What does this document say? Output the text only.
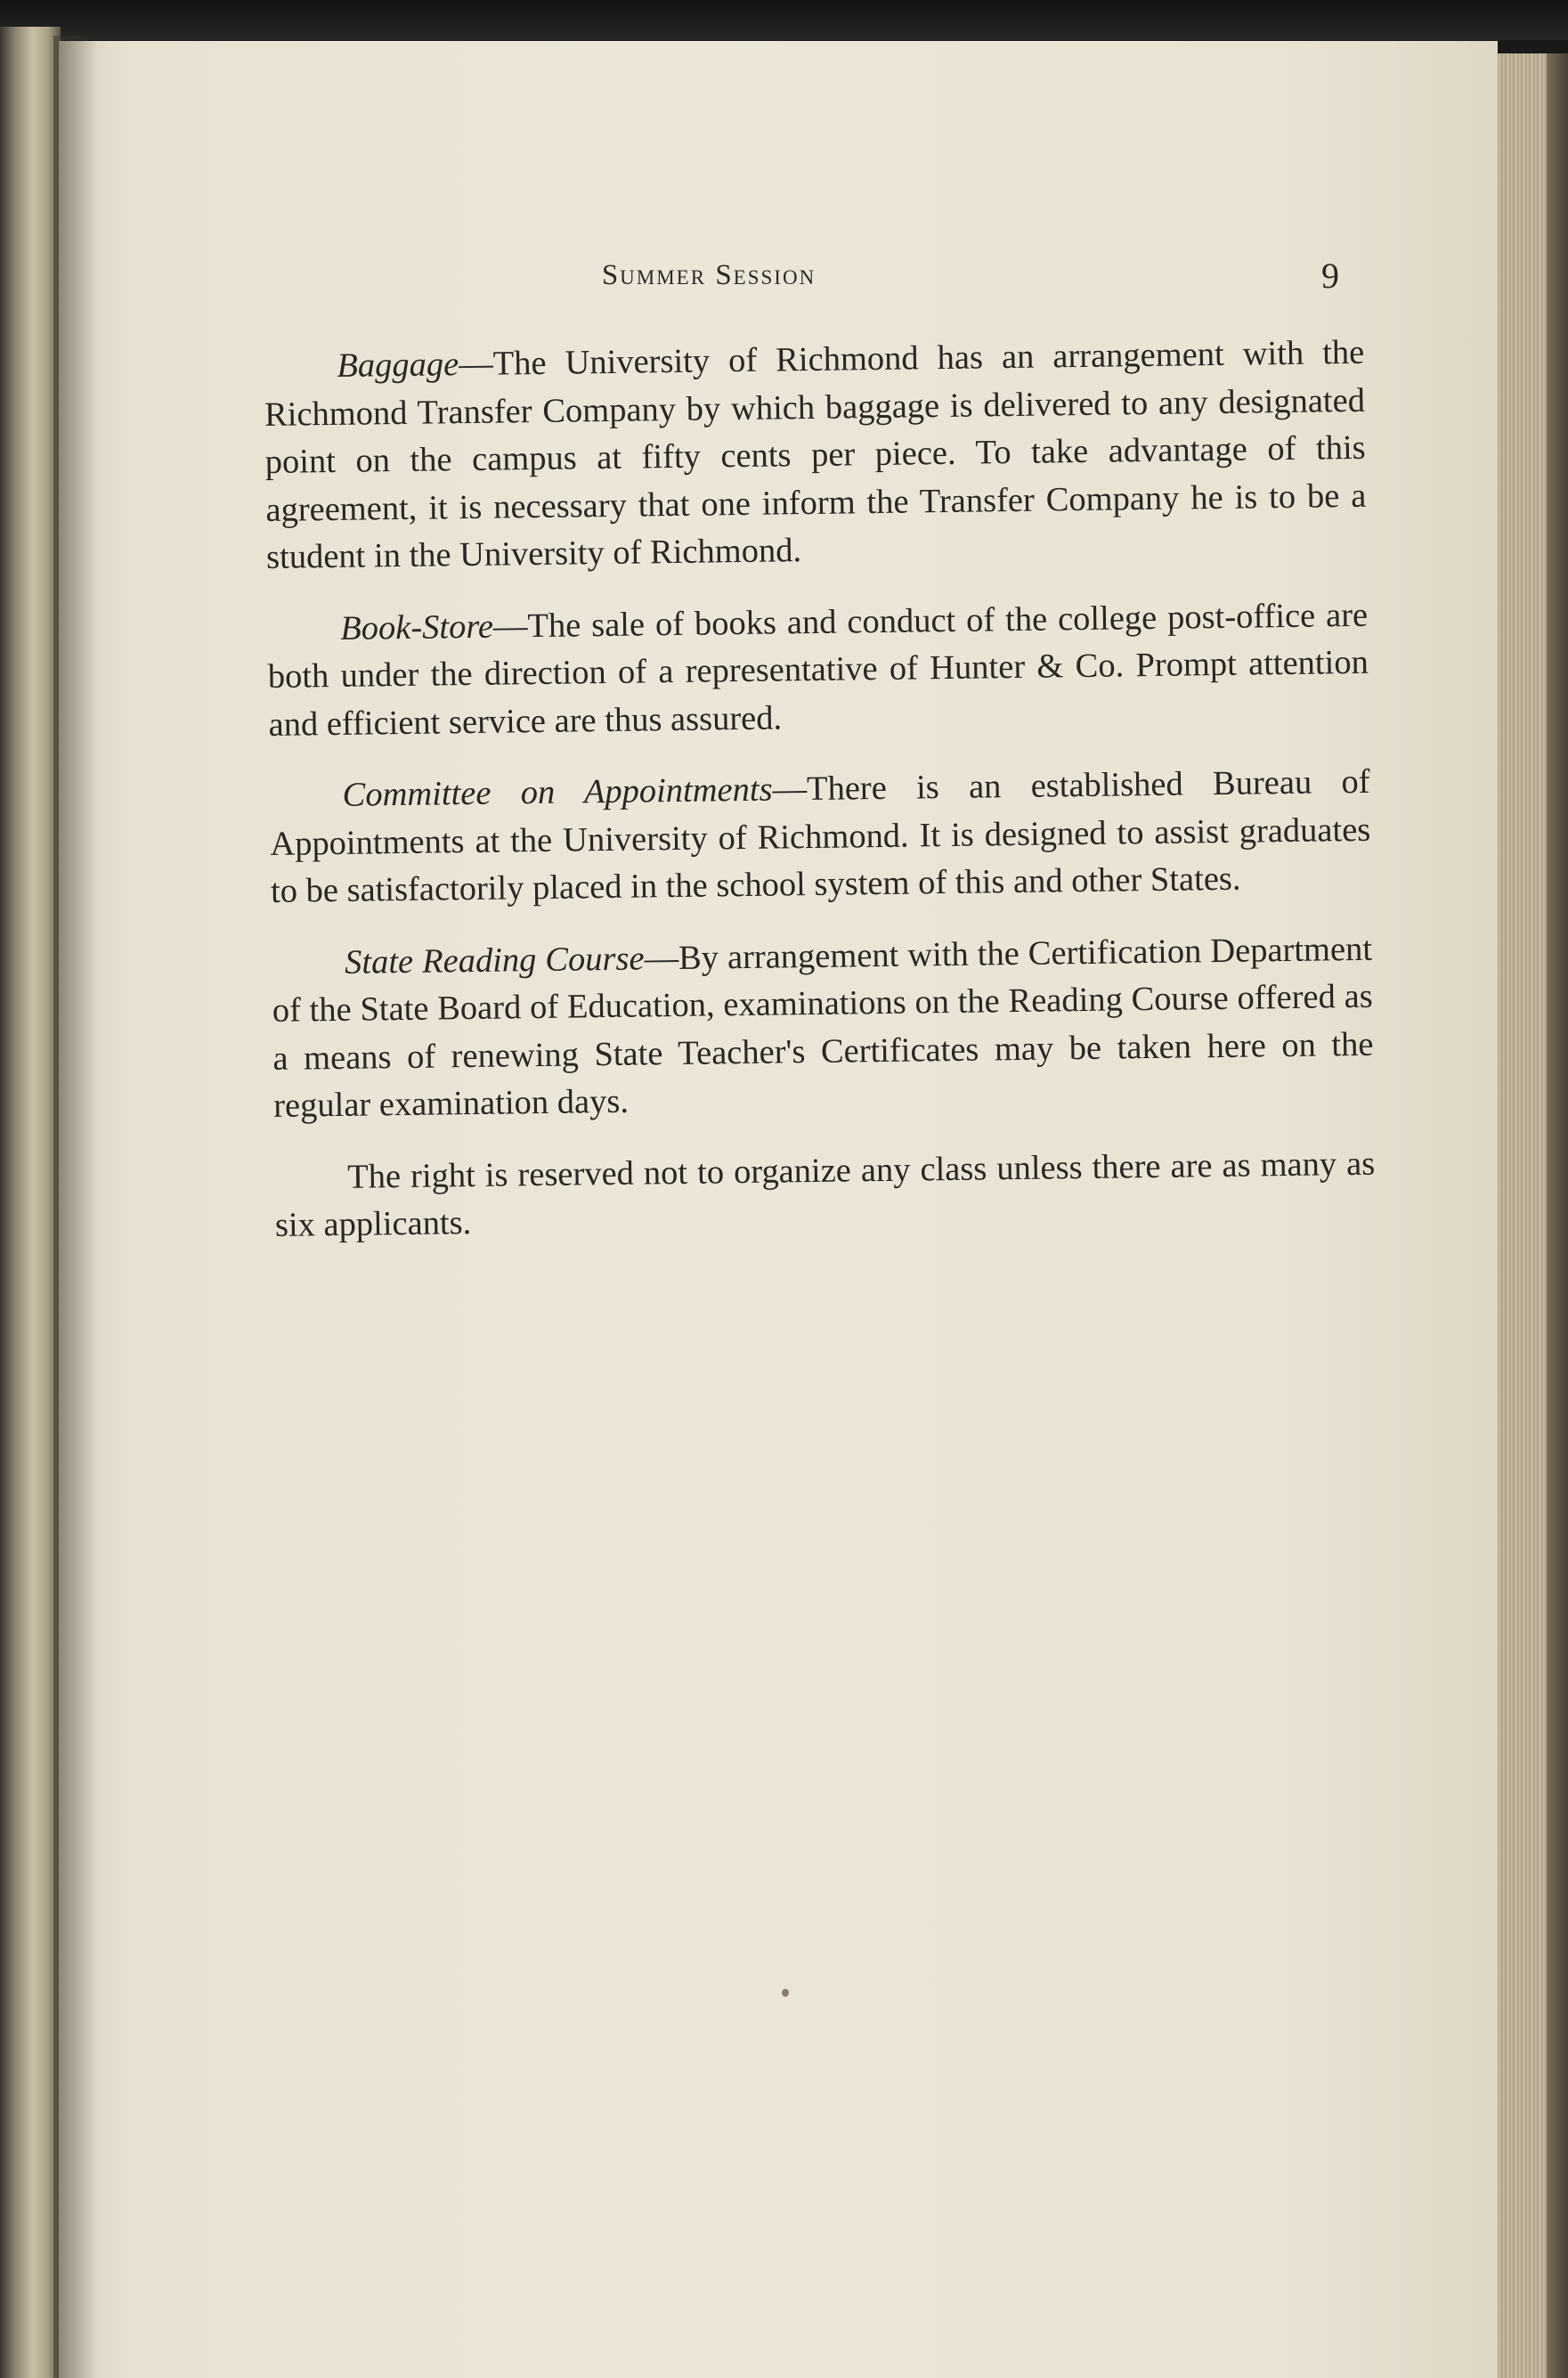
Summer Session	9

Baggage—The University of Richmond has an arrangement with the Richmond Transfer Company by which baggage is delivered to any designated point on the campus at fifty cents per piece. To take advantage of this agreement, it is necessary that one inform the Transfer Company he is to be a student in the University of Richmond.

Book-Store—The sale of books and conduct of the college post-office are both under the direction of a representative of Hunter & Co. Prompt attention and efficient service are thus assured.

Committee on Appointments—There is an established Bureau of Appointments at the University of Richmond. It is designed to assist graduates to be satisfactorily placed in the school system of this and other States.

State Reading Course—By arrangement with the Certification Department of the State Board of Education, examinations on the Reading Course offered as a means of renewing State Teacher's Certificates may be taken here on the regular examination days.

The right is reserved not to organize any class unless there are as many as six applicants.
